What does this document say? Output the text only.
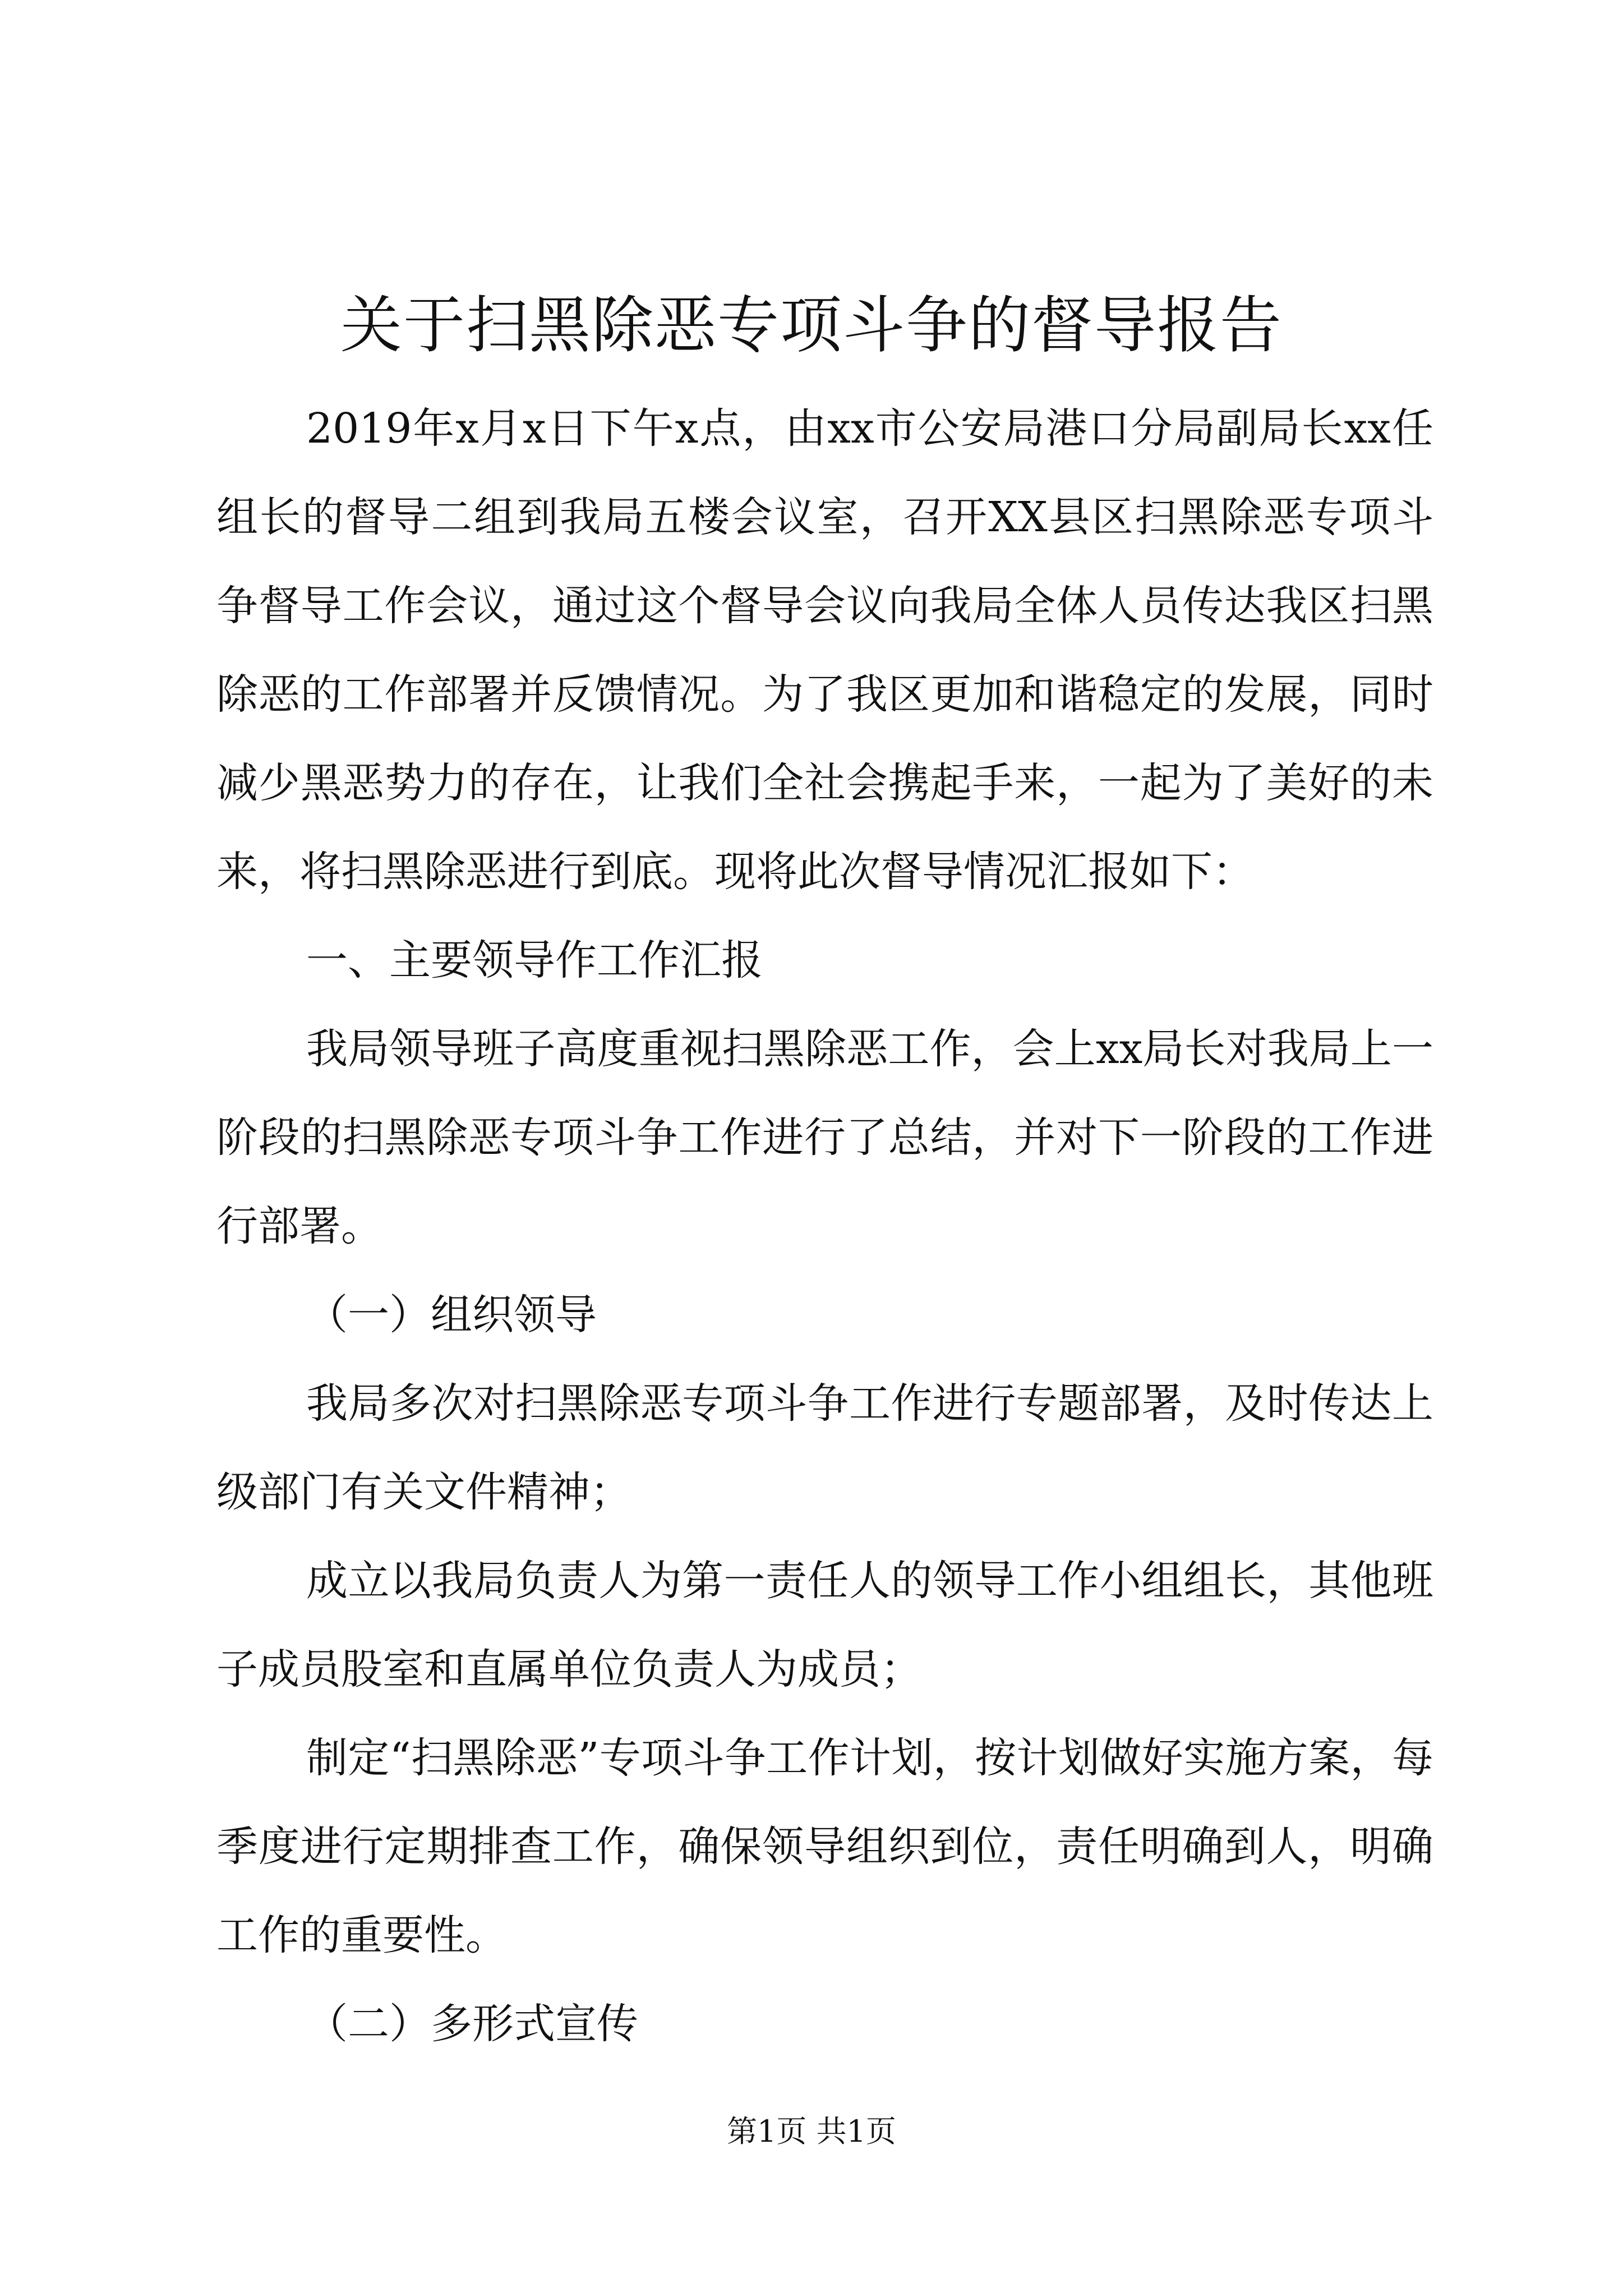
关于扫黑除恶专项斗争的督导报告

2019年x月x日下午x点，由xx市公安局港口分局副局长xx任组长的督导二组到我局五楼会议室，召开XX县区扫黑除恶专项斗争督导工作会议，通过这个督导会议向我局全体人员传达我区扫黑除恶的工作部署并反馈情况。为了我区更加和谐稳定的发展，同时减少黑恶势力的存在，让我们全社会携起手来，一起为了美好的未来，将扫黑除恶进行到底。现将此次督导情况汇报如下：

一、主要领导作工作汇报

我局领导班子高度重视扫黑除恶工作，会上xx局长对我局上一阶段的扫黑除恶专项斗争工作进行了总结，并对下一阶段的工作进行部署。

（一）组织领导

我局多次对扫黑除恶专项斗争工作进行专题部署，及时传达上级部门有关文件精神；

成立以我局负责人为第一责任人的领导工作小组组长，其他班子成员股室和直属单位负责人为成员；

制定“扫黑除恶”专项斗争工作计划，按计划做好实施方案，每季度进行定期排查工作，确保领导组织到位，责任明确到人，明确工作的重要性。

（二）多形式宣传

第1页 共1页
